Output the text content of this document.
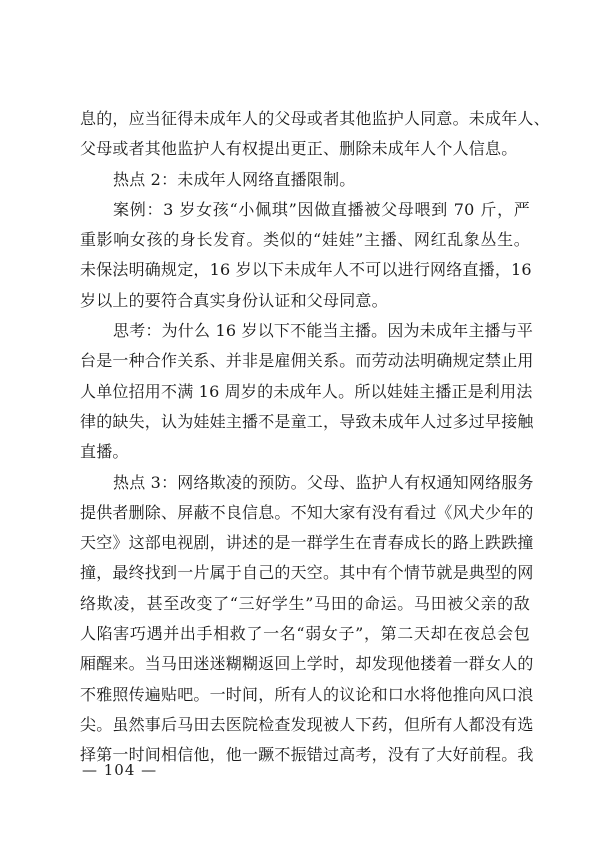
息的，应当征得未成年人的父母或者其他监护人同意。未成年人、
父母或者其他监护人有权提出更正、删除未成年人个人信息。
热点 2：未成年人网络直播限制。
案例：3 岁女孩“小佩琪”因做直播被父母喂到 70 斤，严
重影响女孩的身长发育。类似的“娃娃”主播、网红乱象丛生。
未保法明确规定，16 岁以下未成年人不可以进行网络直播，16
岁以上的要符合真实身份认证和父母同意。
思考：为什么 16 岁以下不能当主播。因为未成年主播与平
台是一种合作关系、并非是雇佣关系。而劳动法明确规定禁止用
人单位招用不满 16 周岁的未成年人。所以娃娃主播正是利用法
律的缺失，认为娃娃主播不是童工，导致未成年人过多过早接触
直播。
热点 3：网络欺凌的预防。父母、监护人有权通知网络服务
提供者删除、屏蔽不良信息。不知大家有没有看过《风犬少年的
天空》这部电视剧，讲述的是一群学生在青春成长的路上跌跌撞
撞，最终找到一片属于自己的天空。其中有个情节就是典型的网
络欺凌，甚至改变了“三好学生”马田的命运。马田被父亲的敌
人陷害巧遇并出手相救了一名“弱女子”，第二天却在夜总会包
厢醒来。当马田迷迷糊糊返回上学时，却发现他搂着一群女人的
不雅照传遍贴吧。一时间，所有人的议论和口水将他推向风口浪
尖。虽然事后马田去医院检查发现被人下药，但所有人都没有选
择第一时间相信他，他一蹶不振错过高考，没有了大好前程。我
— 104 —
